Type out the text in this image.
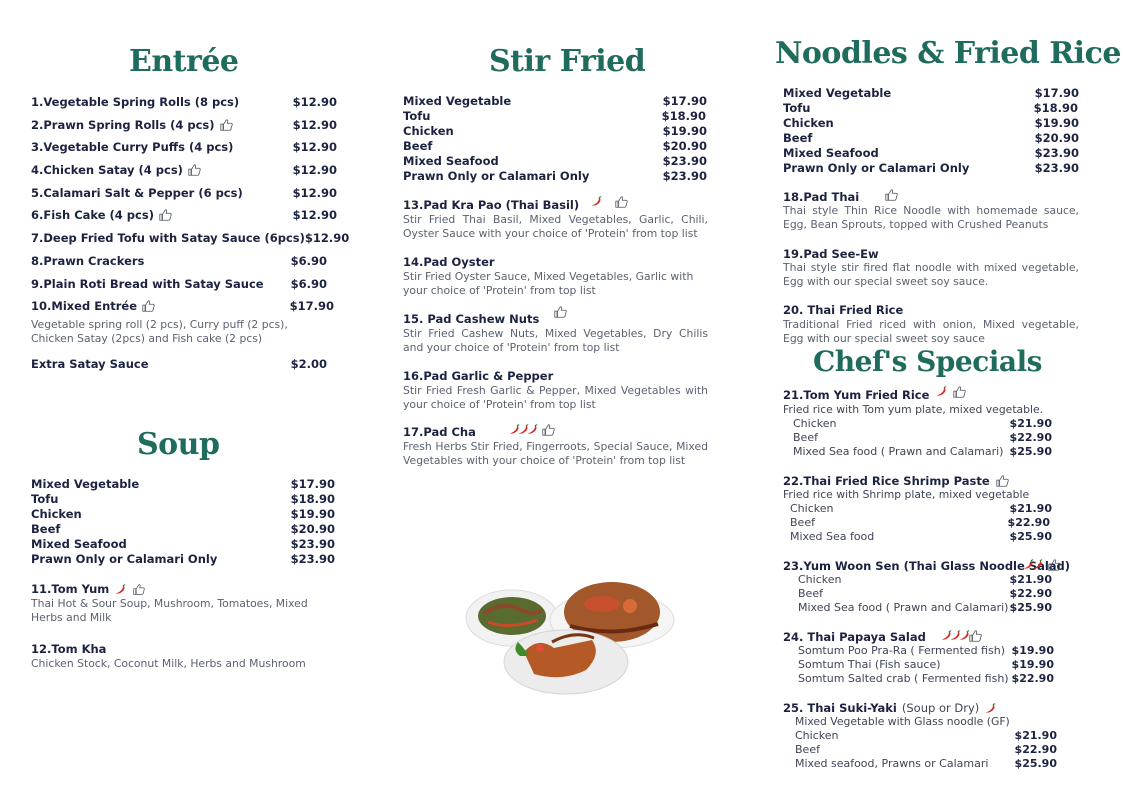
Entrée
1.Vegetable Spring Rolls (8 pcs)	$12.90
2.Prawn Spring Rolls (4 pcs)	$12.90
3.Vegetable Curry Puffs (4 pcs)	$12.90
4.Chicken Satay (4 pcs)	$12.90
5.Calamari Salt & Pepper (6 pcs)	$12.90
6.Fish Cake (4 pcs)	$12.90
7.Deep Fried Tofu with Satay Sauce (6pcs) $12.90
8.Prawn Crackers	$6.90
9.Plain Roti Bread with Satay Sauce $6.90
10.Mixed Entrée	$17.90
Vegetable spring roll (2 pcs), Curry puff (2 pcs), Chicken Satay (2pcs) and Fish cake (2 pcs)
Extra Satay Sauce	$2.00
Soup
Mixed Vegetable	$17.90
Tofu	$18.90
Chicken	$19.90
Beef	$20.90
Mixed Seafood	$23.90
Prawn Only or Calamari Only	$23.90
11.Tom Yum
Thai Hot & Sour Soup, Mushroom, Tomatoes, Mixed Herbs and Milk
12.Tom Kha
Chicken Stock, Coconut Milk, Herbs and Mushroom
Stir Fried
Mixed Vegetable	$17.90
Tofu	$18.90
Chicken	$19.90
Beef	$20.90
Mixed Seafood	$23.90
Prawn Only or Calamari Only	$23.90
13.Pad Kra Pao (Thai Basil)
Stir Fried Thai Basil, Mixed Vegetables, Garlic, Chili, Oyster Sauce with your choice of 'Protein' from top list
14.Pad Oyster
Stir Fried Oyster Sauce, Mixed Vegetables, Garlic with your choice of 'Protein' from top list
15. Pad Cashew Nuts
Stir Fried Cashew Nuts, Mixed Vegetables, Dry Chilis and your choice of 'Protein' from top list
16.Pad Garlic & Pepper
Stir Fried Fresh Garlic & Pepper, Mixed Vegetables with your choice of 'Protein' from top list
17.Pad Cha
Fresh Herbs Stir Fried, Fingerroots, Special Sauce, Mixed Vegetables with your choice of 'Protein' from top list
Noodles & Fried Rice
Mixed Vegetable	$17.90
Tofu	$18.90
Chicken	$19.90
Beef	$20.90
Mixed Seafood	$23.90
Prawn Only or Calamari Only	$23.90
18.Pad Thai
Thai style Thin Rice Noodle with homemade sauce, Egg, Bean Sprouts, topped with Crushed Peanuts
19.Pad See-Ew
Thai style stir fired flat noodle with mixed vegetable, Egg with our special sweet soy sauce.
20. Thai Fried Rice
Traditional Fried riced with onion, Mixed vegetable, Egg with our special sweet soy sauce
Chef's Specials
21.Tom Yum Fried Rice
Fried rice with Tom yum plate, mixed vegetable.
Chicken	$21.90
Beef	$22.90
Mixed Sea food ( Prawn and Calamari) $25.90
22.Thai Fried Rice Shrimp Paste
Fried rice with Shrimp plate, mixed vegetable
Chicken	$21.90
Beef	$22.90
Mixed Sea food	$25.90
23.Yum Woon Sen (Thai Glass Noodle Salad)
Chicken	$21.90
Beef	$22.90
Mixed Sea food ( Prawn and Calamari) $25.90
24. Thai Papaya Salad
Somtum Poo Pra-Ra ( Fermented fish) $19.90
Somtum Thai (Fish sauce)	$19.90
Somtum Salted crab ( Fermented fish) $22.90
25. Thai Suki-Yaki (Soup or Dry)
Mixed Vegetable with Glass noodle (GF)
Chicken	$21.90
Beef	$22.90
Mixed seafood, Prawns or Calamari $25.90
